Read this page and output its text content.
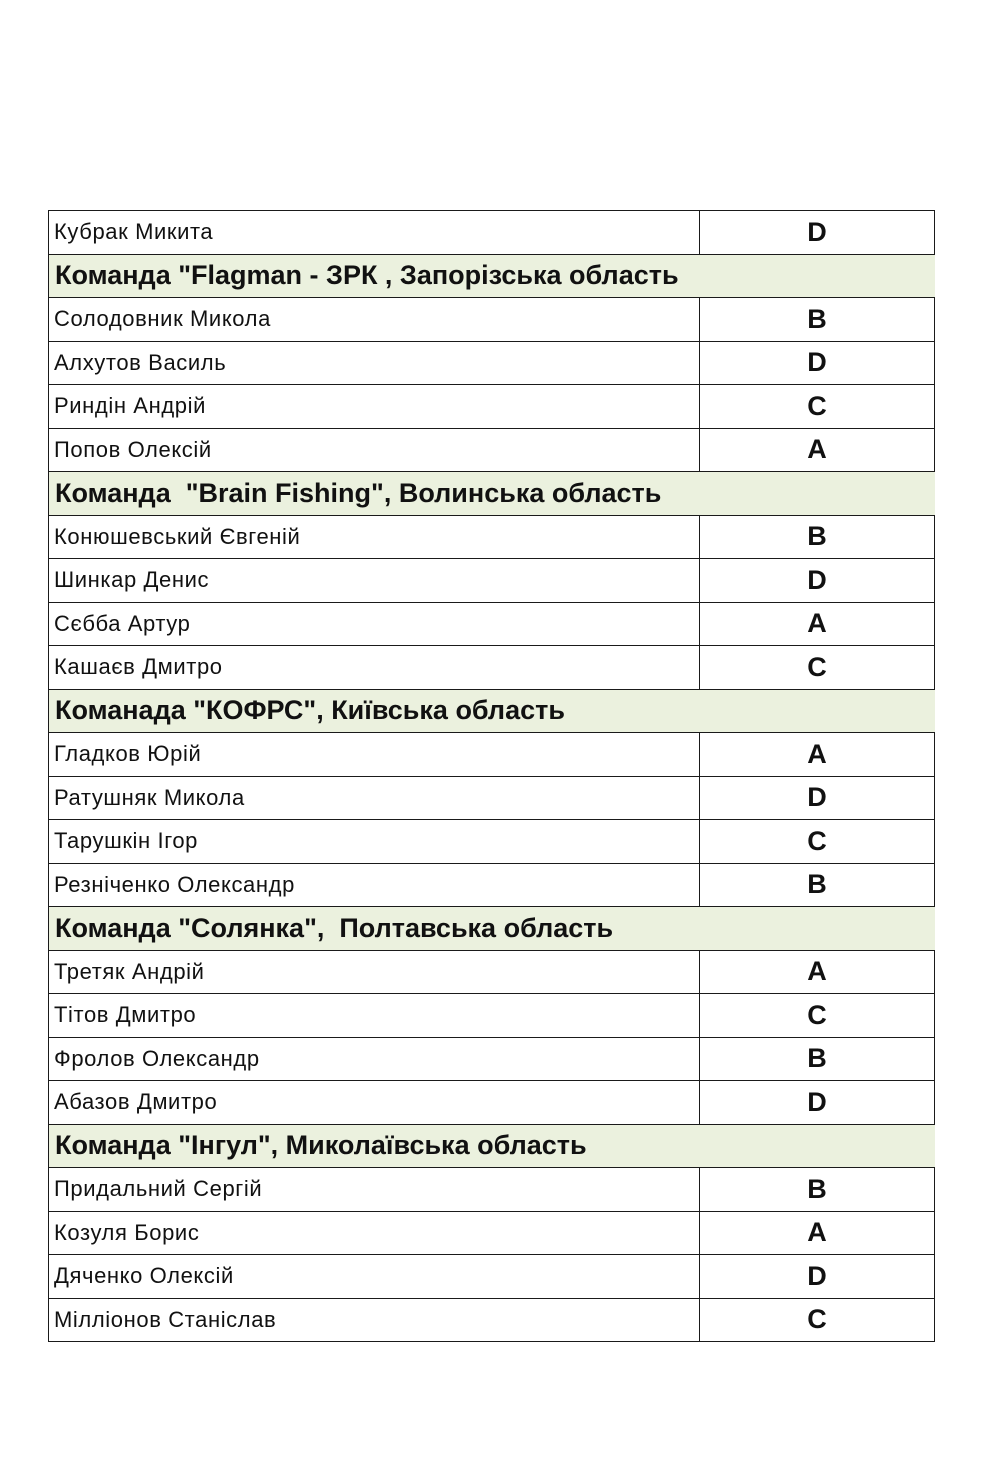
Кубрак Микита	D
Команда "Flagman - ЗРК , Запорізська область	
Солодовник Микола	B
Алхутов Василь	D
Риндін Андрій	C
Попов Олексій	A
Команда  "Brain Fishing", Волинська область	
Конюшевський Євгеній	B
Шинкар Денис	D
Сєбба Артур	A
Кашаєв Дмитро	C
Команада "КОФРС", Київська область	
Гладков Юрій	A
Ратушняк Микола	D
Тарушкін Ігор	C
Резніченко Олександр	B
Команда "Солянка",  Полтавська область	
Третяк Андрій	A
Тітов Дмитро	C
Фролов Олександр	B
Абазов Дмитро	D
Команда "Інгул", Миколаївська область	
Придальний Сергій	B
Козуля Борис	A
Дяченко Олексій	D
Мілліонов Станіслав	C
